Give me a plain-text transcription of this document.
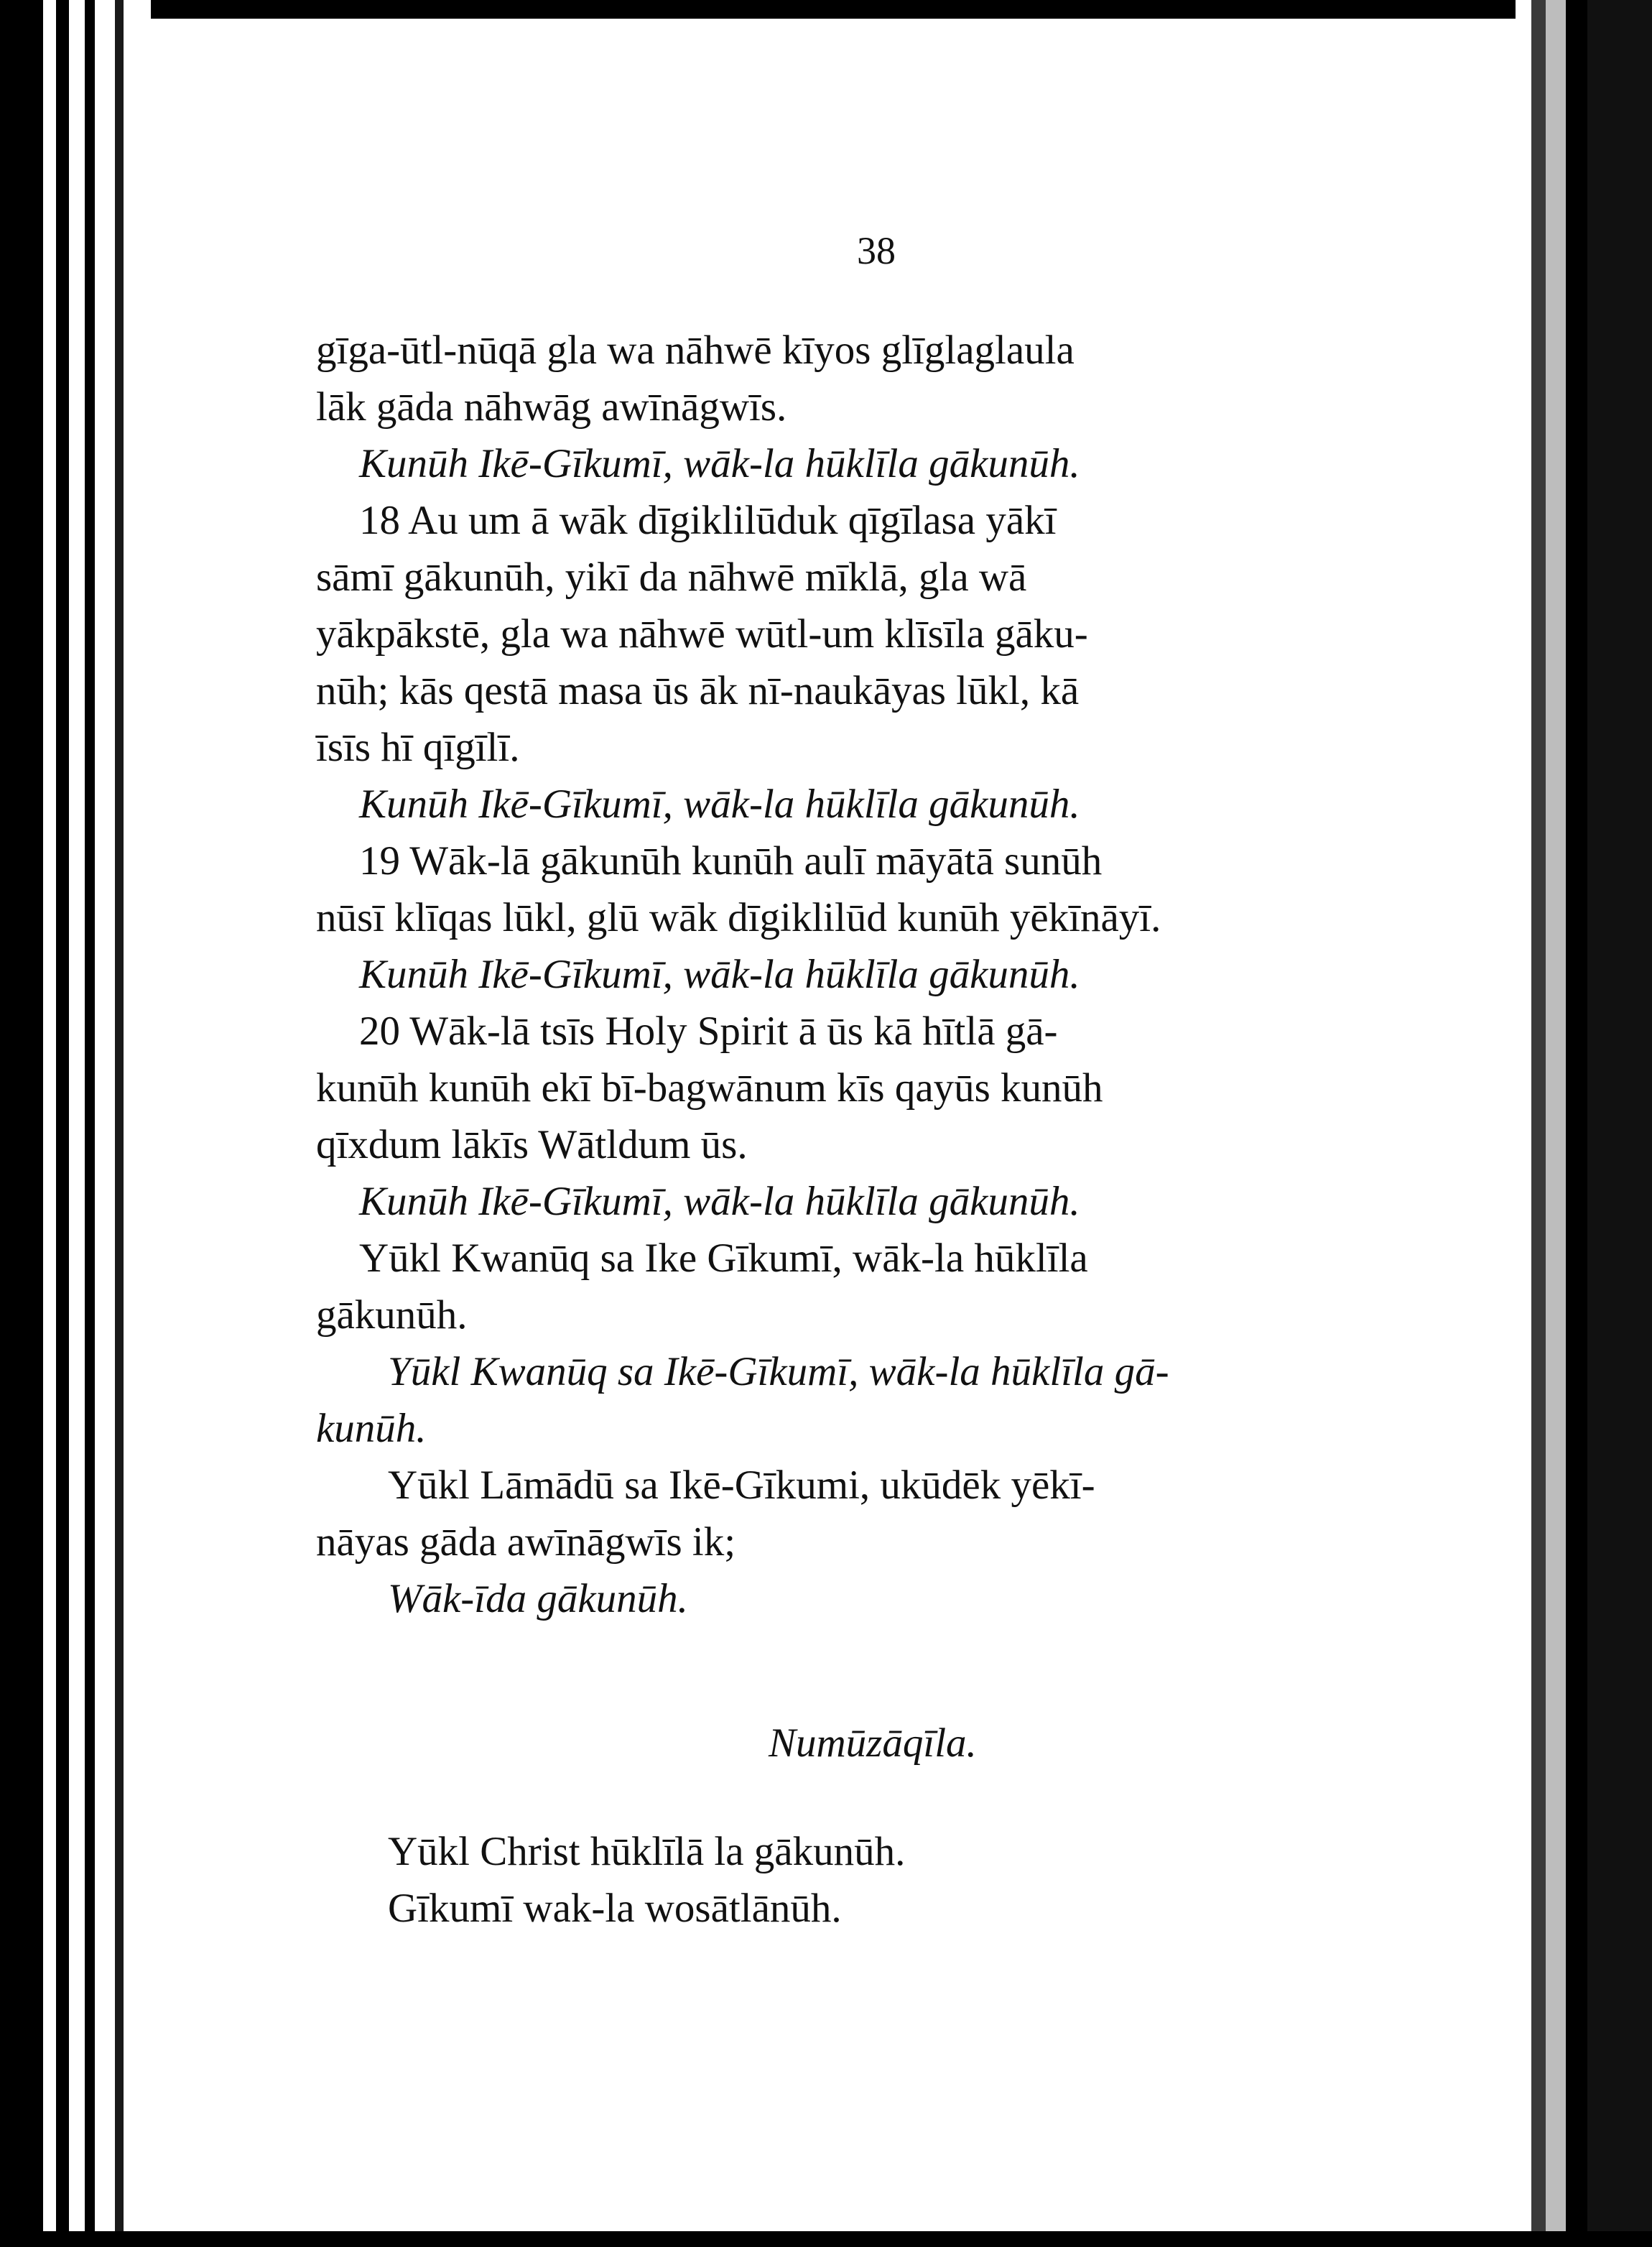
38
gīga-ūtl-nūqā gla wa nāhwē kīyos glīglaglaula
lāk gāda nāhwāg awīnāgwīs.
Kunūh Ikē-Gīkumī, wāk-la hūklīla gākunūh.
18 Au um ā wāk dīgiklilūduk qīgīlasa yākī
sāmī gākunūh, yikī da nāhwē mīklā, gla wā
yākpākstē, gla wa nāhwē wūtl-um klīsīla gāku-
nūh; kās qestā masa ūs āk nī-naukāyas lūkl, kā
īsīs hī qīgīlī.
Kunūh Ikē-Gīkumī, wāk-la hūklīla gākunūh.
19 Wāk-lā gākunūh kunūh aulī māyātā sunūh
nūsī klīqas lūkl, glū wāk dīgiklilūd kunūh yēkīnāyī.
Kunūh Ikē-Gīkumī, wāk-la hūklīla gākunūh.
20 Wāk-lā tsīs Holy Spirit ā ūs kā hītlā gā-
kunūh kunūh ekī bī-bagwānum kīs qayūs kunūh
qīxdum lākīs Wātldum ūs.
Kunūh Ikē-Gīkumī, wāk-la hūklīla gākunūh.
Yūkl Kwanūq sa Ike Gīkumī, wāk-la hūklīla
gākunūh.
Yūkl Kwanūq sa Ikē-Gīkumī, wāk-la hūklīla gā-
kunūh.
Yūkl Lāmādū sa Ikē-Gīkumi, ukūdēk yēkī-
nāyas gāda awīnāgwīs ik;
Wāk-īda gākunūh.
Numūzāqīla.
Yūkl Christ hūklīlā la gākunūh.
Gīkumī wak-la wosātlānūh.
